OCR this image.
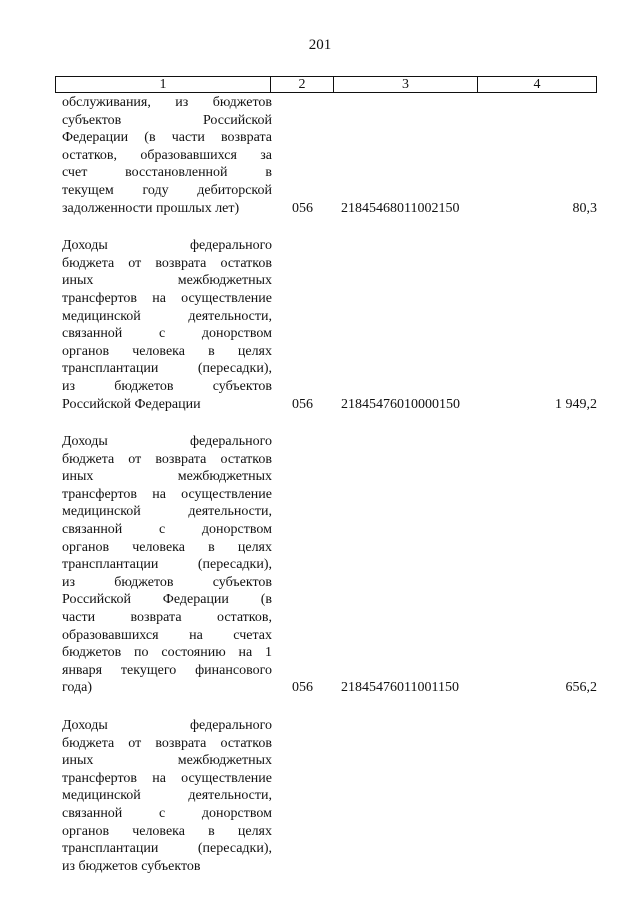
201
1	2	3	4
обслуживания, из бюджетов
субъектов Российской
Федерации (в части возврата
остатков, образовавшихся за
счет восстановленной в
текущем году дебиторской
задолженности прошлых лет)	056 21845468011002150	80,3
Доходы федерального
бюджета от возврата остатков
иных межбюджетных
трансфертов на осуществление
медицинской деятельности,
связанной с донорством
органов человека в целях
трансплантации (пересадки),
из бюджетов субъектов
Российской Федерации	056 21845476010000150	1 949,2
Доходы федерального
бюджета от возврата остатков
иных межбюджетных
трансфертов на осуществление
медицинской деятельности,
связанной с донорством
органов человека в целях
трансплантации (пересадки),
из бюджетов субъектов
Российской Федерации (в
части возврата остатков,
образовавшихся на счетах
бюджетов по состоянию на 1
января текущего финансового
года)	056 21845476011001150	656,2
Доходы федерального
бюджета от возврата остатков
иных межбюджетных
трансфертов на осуществление
медицинской деятельности,
связанной с донорством
органов человека в целях
трансплантации (пересадки),
из бюджетов субъектов
